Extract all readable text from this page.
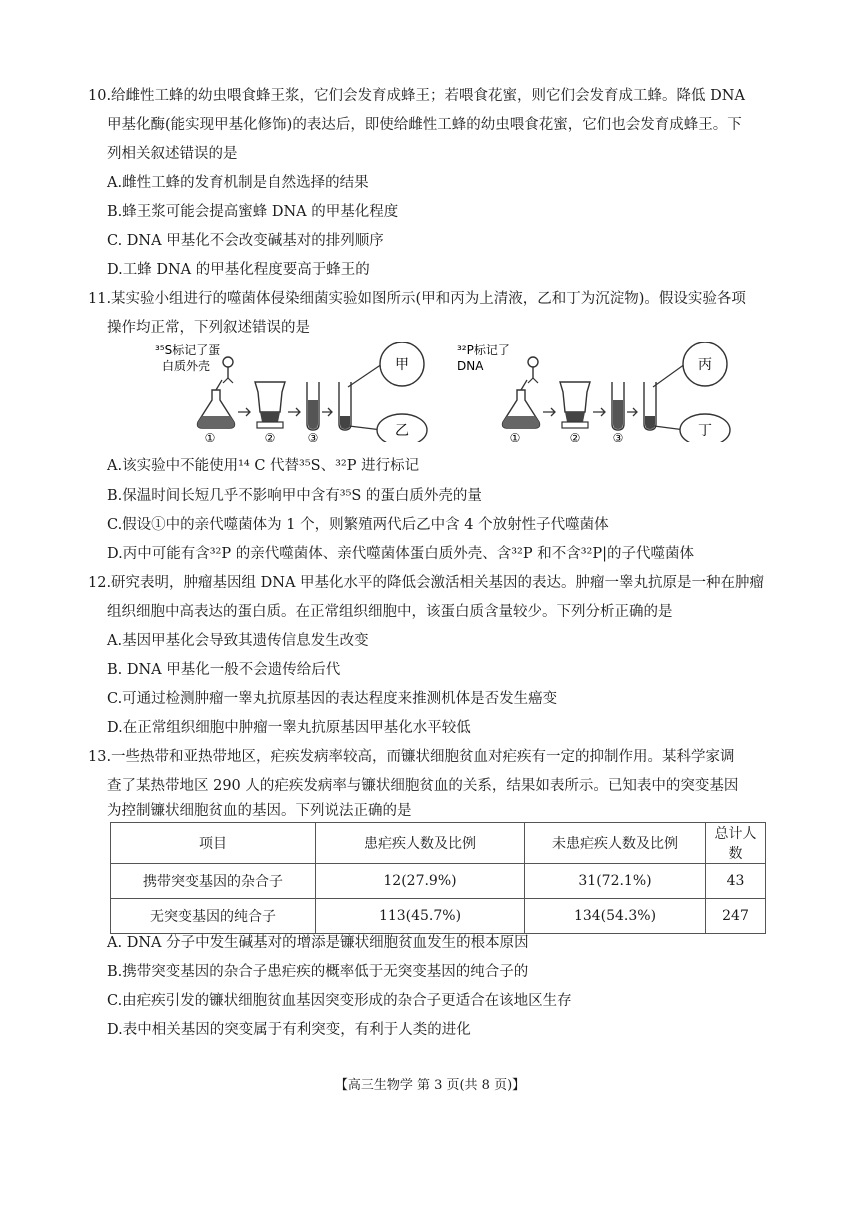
10.给雌性工蜂的幼虫喂食蜂王浆，它们会发育成蜂王；若喂食花蜜，则它们会发育成工蜂。降低 DNA
甲基化酶(能实现甲基化修饰)的表达后，即使给雌性工蜂的幼虫喂食花蜜，它们也会发育成蜂王。下
列相关叙述错误的是
A.雌性工蜂的发育机制是自然选择的结果
B.蜂王浆可能会提高蜜蜂 DNA 的甲基化程度
C. DNA 甲基化不会改变碱基对的排列顺序
D.工蜂 DNA 的甲基化程度要高于蜂王的
11.某实验小组进行的噬菌体侵染细菌实验如图所示(甲和丙为上清液，乙和丁为沉淀物)。假设实验各项
操作均正常，下列叙述错误的是
³⁵S标记了蛋
白质外壳	甲
乙
①	②	③
³²P标记了
DNA	丙
丁
①	②	③
A.该实验中不能使用¹⁴ C 代替³⁵S、³²P 进行标记
B.保温时间长短几乎不影响甲中含有³⁵S 的蛋白质外壳的量
C.假设①中的亲代噬菌体为 1 个，则繁殖两代后乙中含 4 个放射性子代噬菌体
D.丙中可能有含³²P 的亲代噬菌体、亲代噬菌体蛋白质外壳、含³²P 和不含³²P|的子代噬菌体
12.研究表明，肿瘤基因组 DNA 甲基化水平的降低会激活相关基因的表达。肿瘤一睾丸抗原是一种在肿瘤
组织细胞中高表达的蛋白质。在正常组织细胞中，该蛋白质含量较少。下列分析正确的是
A.基因甲基化会导致其遗传信息发生改变
B. DNA 甲基化一般不会遗传给后代
C.可通过检测肿瘤一睾丸抗原基因的表达程度来推测机体是否发生癌变
D.在正常组织细胞中肿瘤一睾丸抗原基因甲基化水平较低
13.一些热带和亚热带地区，疟疾发病率较高，而镰状细胞贫血对疟疾有一定的抑制作用。某科学家调
查了某热带地区 290 人的疟疾发病率与镰状细胞贫血的关系，结果如表所示。已知表中的突变基因
为控制镰状细胞贫血的基因。下列说法正确的是
项目	患疟疾人数及比例	未患疟疾人数及比例	总计人数
携带突变基因的杂合子	12(27.9%)	31(72.1%)	43
无突变基因的纯合子	113(45.7%)	134(54.3%)	247
A. DNA 分子中发生碱基对的增添是镰状细胞贫血发生的根本原因
B.携带突变基因的杂合子患疟疾的概率低于无突变基因的纯合子的
C.由疟疾引发的镰状细胞贫血基因突变形成的杂合子更适合在该地区生存
D.表中相关基因的突变属于有利突变，有利于人类的进化
【高三生物学 第 3 页(共 8 页)】
